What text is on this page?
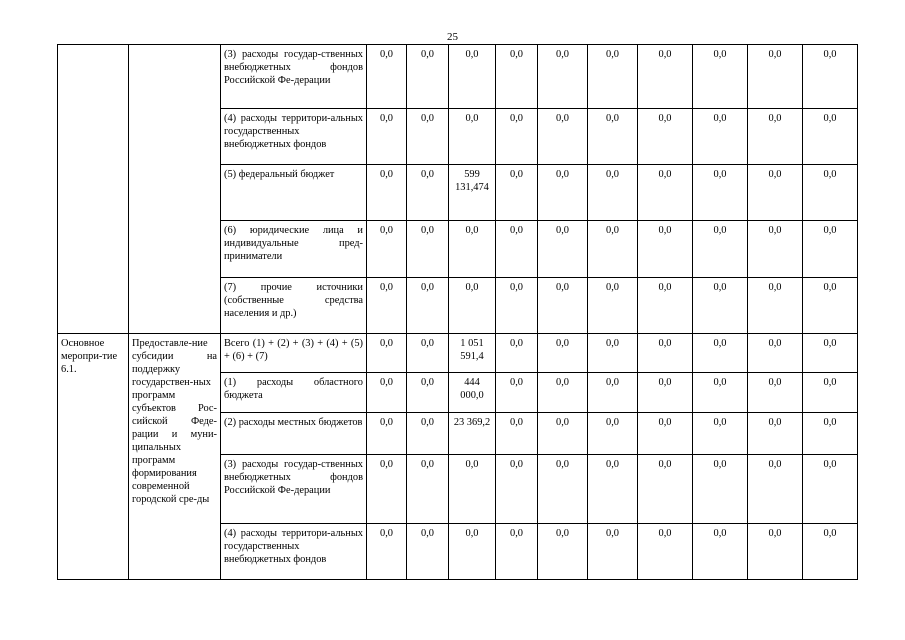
25
		(3) расходы государ-ственных внебюджетных фондов Российской Фе-дерации	0,0	0,0	0,0	0,0	0,0	0,0	0,0	0,0	0,0	0,0
		(4) расходы территори-альных государственных внебюджетных фондов	0,0	0,0	0,0	0,0	0,0	0,0	0,0	0,0	0,0	0,0
		(5) федеральный бюджет	0,0	0,0	599 131,474	0,0	0,0	0,0	0,0	0,0	0,0	0,0
		(6) юридические лица и индивидуальные пред-приниматели	0,0	0,0	0,0	0,0	0,0	0,0	0,0	0,0	0,0	0,0
		(7) прочие источники (собственные средства населения и др.)	0,0	0,0	0,0	0,0	0,0	0,0	0,0	0,0	0,0	0,0
Основное меропри-тие 6.1.	Предоставле-ние субсидии на поддержку государствен-ных программ субъектов Рос-сийской Феде-рации и муни-ципальных программ формирования современной городской сре-ды	Всего (1) + (2) + (3) + (4) + (5) + (6) + (7)	0,0	0,0	1 051 591,4	0,0	0,0	0,0	0,0	0,0	0,0	0,0
		(1) расходы областного бюджета	0,0	0,0	444 000,0	0,0	0,0	0,0	0,0	0,0	0,0	0,0
		(2) расходы местных бюджетов	0,0	0,0	23 369,2	0,0	0,0	0,0	0,0	0,0	0,0	0,0
		(3) расходы государ-ственных внебюджетных фондов Российской Фе-дерации	0,0	0,0	0,0	0,0	0,0	0,0	0,0	0,0	0,0	0,0
		(4) расходы территори-альных государственных внебюджетных фондов	0,0	0,0	0,0	0,0	0,0	0,0	0,0	0,0	0,0	0,0
